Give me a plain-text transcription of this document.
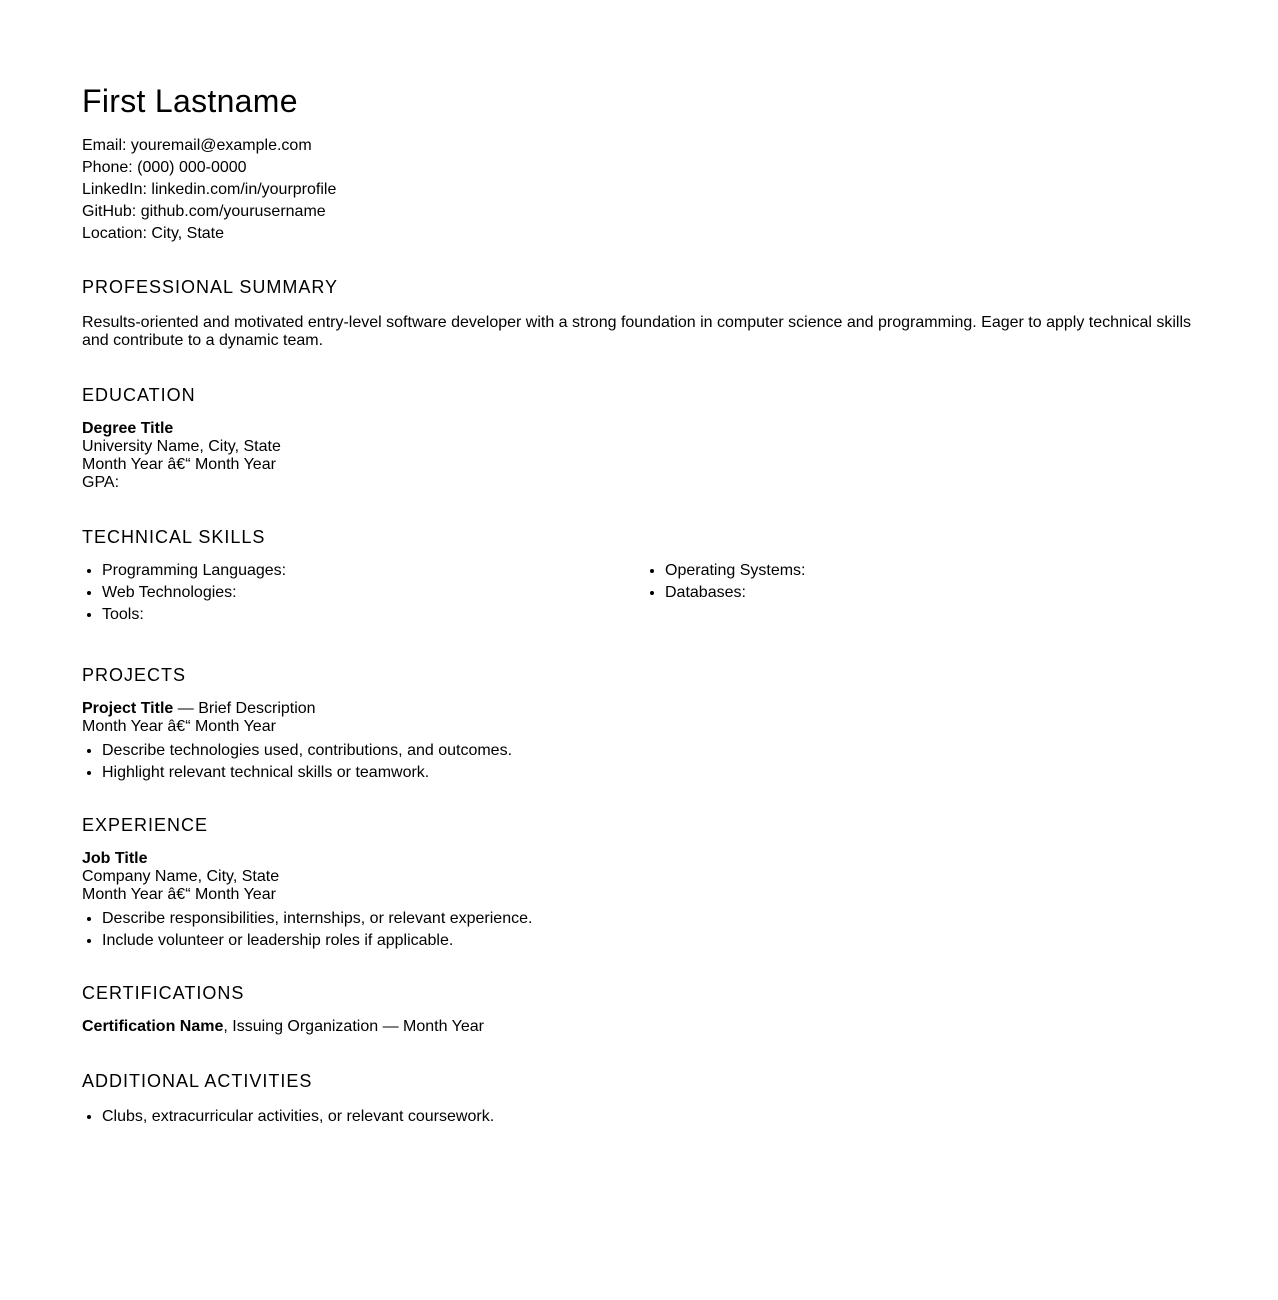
First Lastname
Email: youremail@example.com
Phone: (000) 000-0000
LinkedIn: linkedin.com/in/yourprofile
GitHub: github.com/yourusername
Location: City, State
PROFESSIONAL SUMMARY
Results-oriented and motivated entry-level software developer with a strong foundation in computer science and programming. Eager to apply technical skills and contribute to a dynamic team.
EDUCATION
Degree Title
University Name, City, State
Month Year â€“ Month Year
GPA:
TECHNICAL SKILLS
• Programming Languages:
• Web Technologies:
• Tools:
• Operating Systems:
• Databases:
PROJECTS
Project Title — Brief Description
Month Year â€“ Month Year
• Describe technologies used, contributions, and outcomes.
• Highlight relevant technical skills or teamwork.
EXPERIENCE
Job Title
Company Name, City, State
Month Year â€“ Month Year
• Describe responsibilities, internships, or relevant experience.
• Include volunteer or leadership roles if applicable.
CERTIFICATIONS
Certification Name, Issuing Organization — Month Year
ADDITIONAL ACTIVITIES
• Clubs, extracurricular activities, or relevant coursework.
